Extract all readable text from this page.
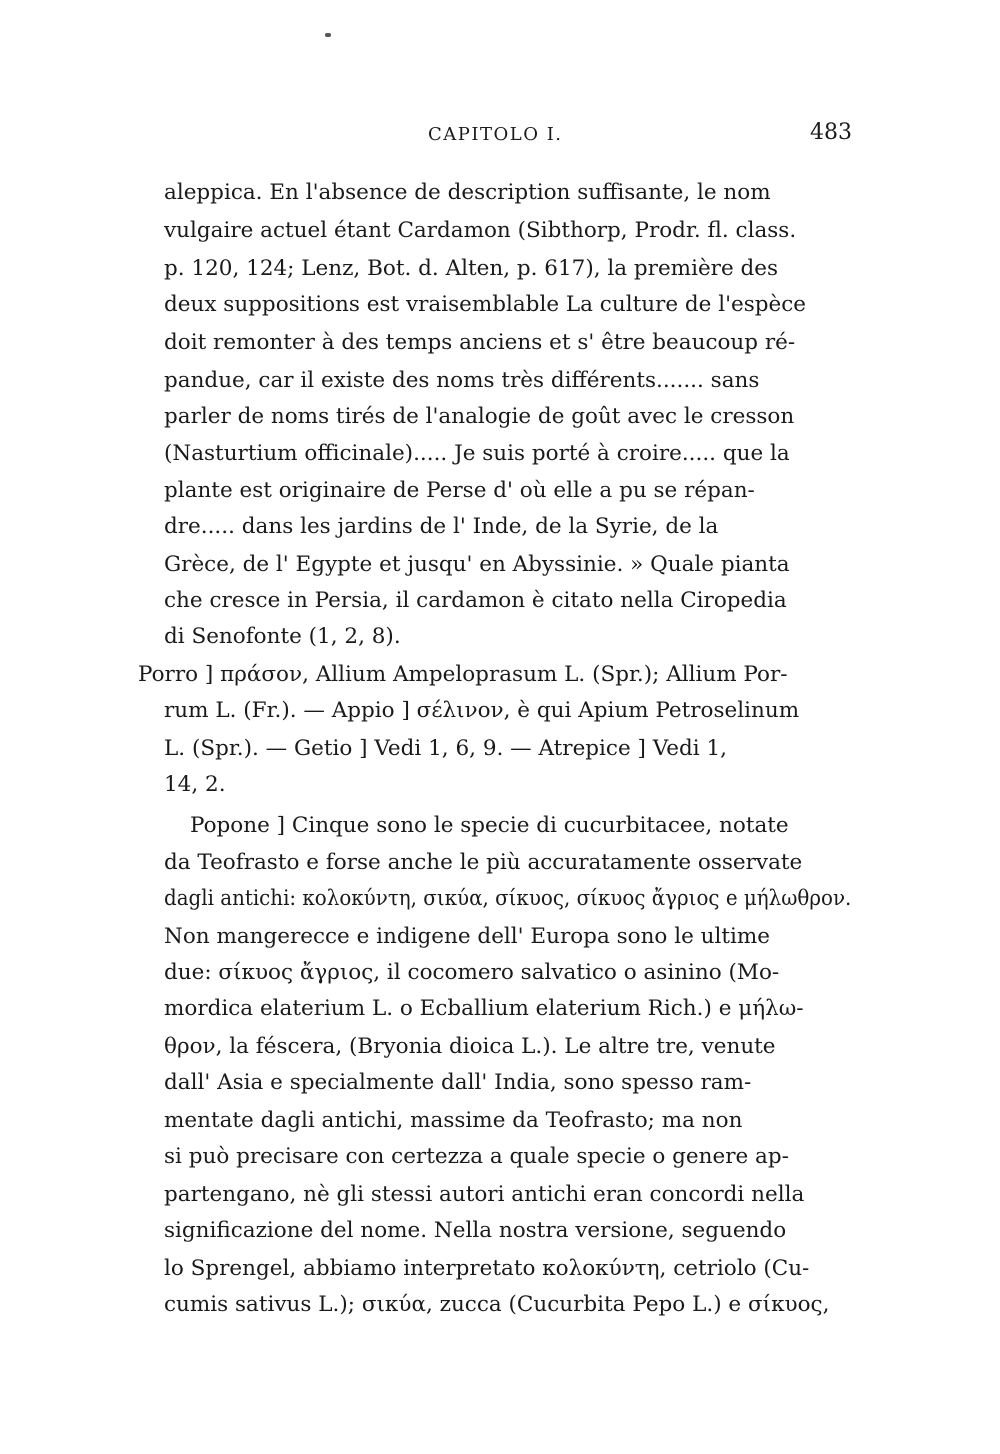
CAPITOLO I.	483
aleppica. En l'absence de description suffisante, le nom
vulgaire actuel étant Cardamon (Sibthorp, Prodr. fl. class.
p. 120, 124; Lenz, Bot. d. Alten, p. 617), la première des
deux suppositions est vraisemblable La culture de l'espèce
doit remonter à des temps anciens et s' être beaucoup ré-
pandue, car il existe des noms très différents....... sans
parler de noms tirés de l'analogie de goût avec le cresson
(Nasturtium officinale)..... Je suis porté à croire..... que la
plante est originaire de Perse d' où elle a pu se répan-
dre..... dans les jardins de l' Inde, de la Syrie, de la
Grèce, de l' Egypte et jusqu' en Abyssinie. » Quale pianta
che cresce in Persia, il cardamon è citato nella Ciropedia
di Senofonte (1, 2, 8).
Porro ] πράσον, Allium Ampeloprasum L. (Spr.); Allium Por-
rum L. (Fr.). — Appio ] σέλινον, è qui Apium Petroselinum
L. (Spr.). — Getio ] Vedi 1, 6, 9. — Atrepice ] Vedi 1,
14, 2.
Popone ] Cinque sono le specie di cucurbitacee, notate
da Teofrasto e forse anche le più accuratamente osservate
dagli antichi: κολοκύντη, σικύα, σίκυος, σίκυος ἄγριος e μήλωθρον.
Non mangerecce e indigene dell' Europa sono le ultime
due: σίκυος ἄγριος, il cocomero salvatico o asinino (Mo-
mordica elaterium L. o Ecballium elaterium Rich.) e μήλω-
θρον, la féscera, (Bryonia dioica L.). Le altre tre, venute
dall' Asia e specialmente dall' India, sono spesso ram-
mentate dagli antichi, massime da Teofrasto; ma non
si può precisare con certezza a quale specie o genere ap-
partengano, nè gli stessi autori antichi eran concordi nella
significazione del nome. Nella nostra versione, seguendo
lo Sprengel, abbiamo interpretato κολοκύντη, cetriolo (Cu-
cumis sativus L.); σικύα, zucca (Cucurbita Pepo L.) e σίκυος,
